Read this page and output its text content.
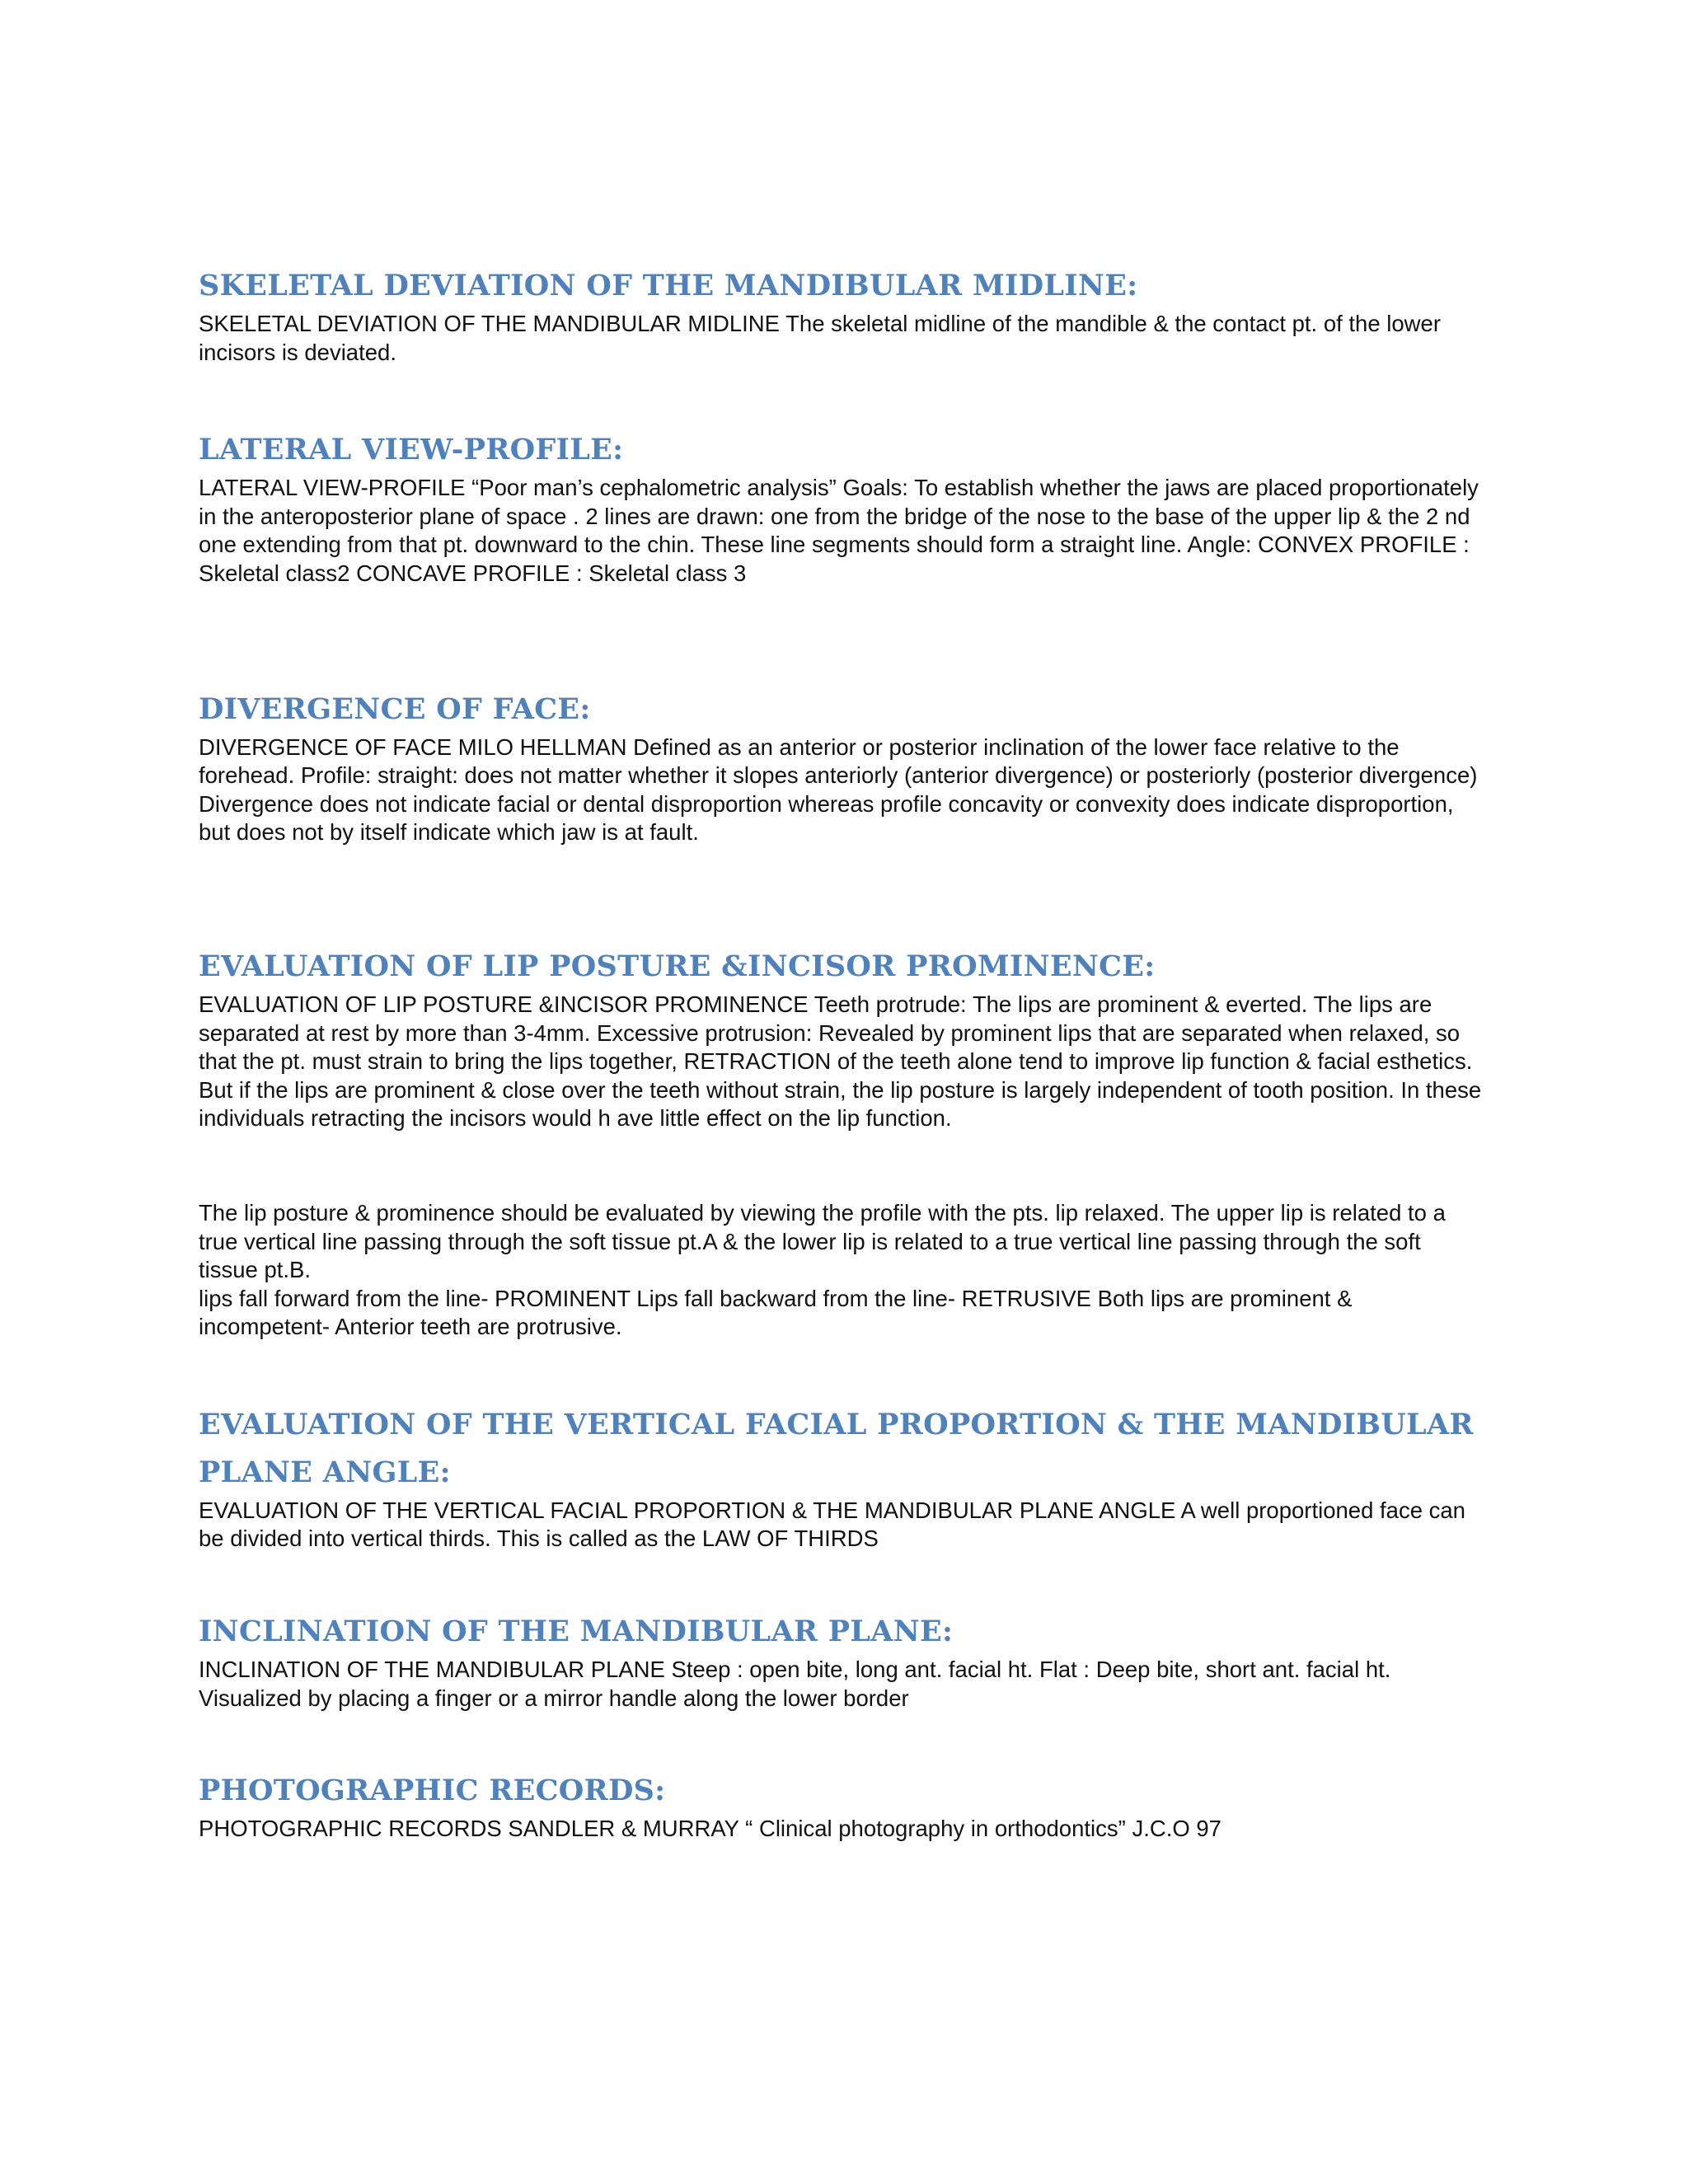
SKELETAL DEVIATION OF THE MANDIBULAR MIDLINE:

SKELETAL DEVIATION OF THE MANDIBULAR MIDLINE The skeletal midline of the mandible & the contact pt. of the lower incisors is deviated.

LATERAL VIEW-PROFILE:

LATERAL VIEW-PROFILE “Poor man’s cephalometric analysis” Goals: To establish whether the jaws are placed proportionately in the anteroposterior plane of space . 2 lines are drawn: one from the bridge of the nose to the base of the upper lip & the 2 nd one extending from that pt. downward to the chin. These line segments should form a straight line. Angle: CONVEX PROFILE : Skeletal class2 CONCAVE PROFILE : Skeletal class 3

DIVERGENCE OF FACE:

DIVERGENCE OF FACE MILO HELLMAN Defined as an anterior or posterior inclination of the lower face relative to the forehead. Profile: straight: does not matter whether it slopes anteriorly (anterior divergence) or posteriorly (posterior divergence) Divergence does not indicate facial or dental disproportion whereas profile concavity or convexity does indicate disproportion, but does not by itself indicate which jaw is at fault.

EVALUATION OF LIP POSTURE &INCISOR PROMINENCE:

EVALUATION OF LIP POSTURE &INCISOR PROMINENCE Teeth protrude: The lips are prominent & everted. The lips are separated at rest by more than 3-4mm. Excessive protrusion: Revealed by prominent lips that are separated when relaxed, so that the pt. must strain to bring the lips together, RETRACTION of the teeth alone tend to improve lip function & facial esthetics. But if the lips are prominent & close over the teeth without strain, the lip posture is largely independent of tooth position. In these individuals retracting the incisors would h ave little effect on the lip function.

The lip posture & prominence should be evaluated by viewing the profile with the pts. lip relaxed. The upper lip is related to a true vertical line passing through the soft tissue pt.A & the lower lip is related to a true vertical line passing through the soft tissue pt.B.

lips fall forward from the line- PROMINENT Lips fall backward from the line- RETRUSIVE Both lips are prominent & incompetent- Anterior teeth are protrusive.

EVALUATION OF THE VERTICAL FACIAL PROPORTION & THE MANDIBULAR PLANE ANGLE:

EVALUATION OF THE VERTICAL FACIAL PROPORTION & THE MANDIBULAR PLANE ANGLE A well proportioned face can be divided into vertical thirds. This is called as the LAW OF THIRDS

INCLINATION OF THE MANDIBULAR PLANE:

INCLINATION OF THE MANDIBULAR PLANE Steep : open bite, long ant. facial ht. Flat : Deep bite, short ant. facial ht. Visualized by placing a finger or a mirror handle along the lower border

PHOTOGRAPHIC RECORDS:

PHOTOGRAPHIC RECORDS SANDLER & MURRAY “ Clinical photography in orthodontics” J.C.O 97
